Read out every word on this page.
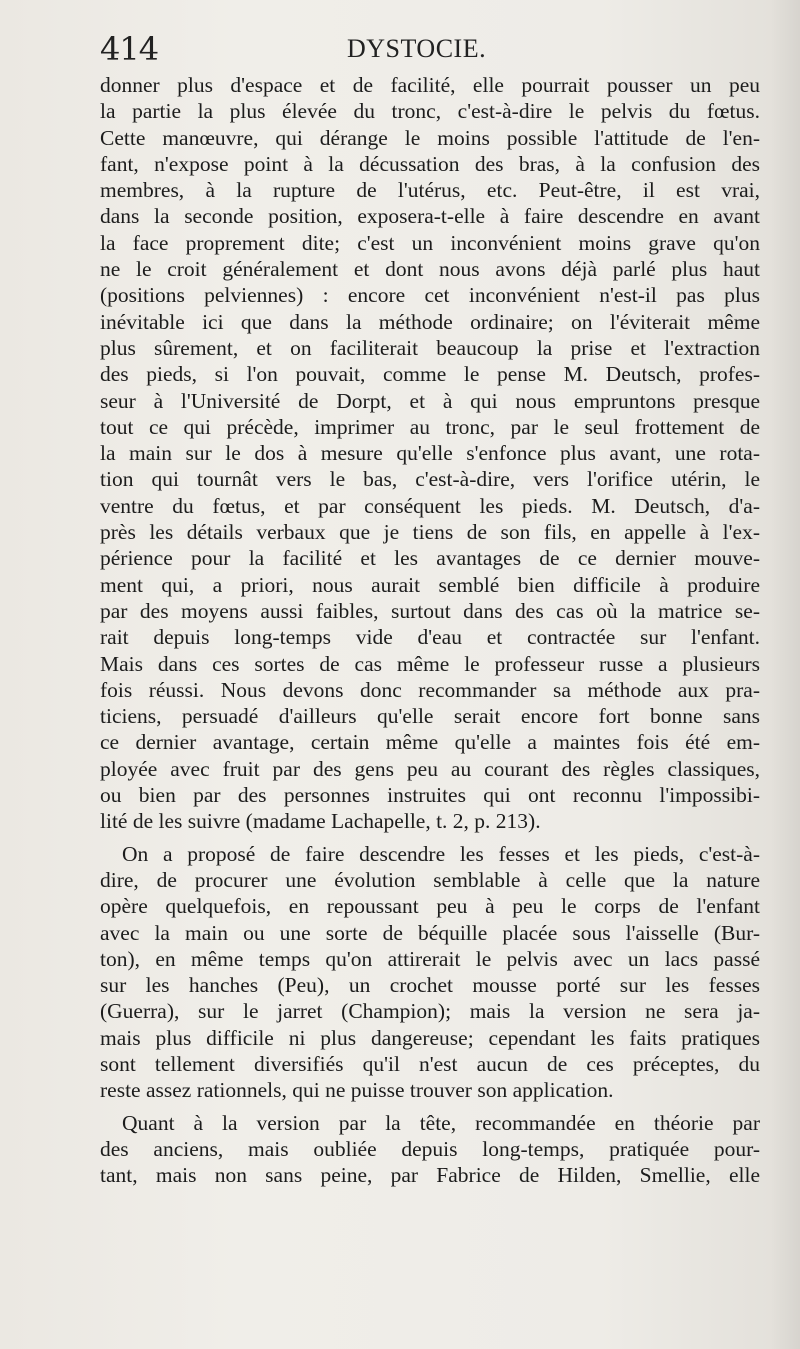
414	DYSTOCIE.
donner plus d'espace et de facilité, elle pourrait pousser un peu
la partie la plus élevée du tronc, c'est-à-dire le pelvis du fœtus.
Cette manœuvre, qui dérange le moins possible l'attitude de l'en-
fant, n'expose point à la décussation des bras, à la confusion des
membres, à la rupture de l'utérus, etc. Peut-être, il est vrai,
dans la seconde position, exposera-t-elle à faire descendre en avant
la face proprement dite; c'est un inconvénient moins grave qu'on
ne le croit généralement et dont nous avons déjà parlé plus haut
(positions pelviennes) : encore cet inconvénient n'est-il pas plus
inévitable ici que dans la méthode ordinaire; on l'éviterait même
plus sûrement, et on faciliterait beaucoup la prise et l'extraction
des pieds, si l'on pouvait, comme le pense M. Deutsch, profes-
seur à l'Université de Dorpt, et à qui nous empruntons presque
tout ce qui précède, imprimer au tronc, par le seul frottement de
la main sur le dos à mesure qu'elle s'enfonce plus avant, une rota-
tion qui tournât vers le bas, c'est-à-dire, vers l'orifice utérin, le
ventre du fœtus, et par conséquent les pieds. M. Deutsch, d'a-
près les détails verbaux que je tiens de son fils, en appelle à l'ex-
périence pour la facilité et les avantages de ce dernier mouve-
ment qui, a priori, nous aurait semblé bien difficile à produire
par des moyens aussi faibles, surtout dans des cas où la matrice se-
rait depuis long-temps vide d'eau et contractée sur l'enfant.
Mais dans ces sortes de cas même le professeur russe a plusieurs
fois réussi. Nous devons donc recommander sa méthode aux pra-
ticiens, persuadé d'ailleurs qu'elle serait encore fort bonne sans
ce dernier avantage, certain même qu'elle a maintes fois été em-
ployée avec fruit par des gens peu au courant des règles classiques,
ou bien par des personnes instruites qui ont reconnu l'impossibi-
lité de les suivre (madame Lachapelle, t. 2, p. 213).
On a proposé de faire descendre les fesses et les pieds, c'est-à-
dire, de procurer une évolution semblable à celle que la nature
opère quelquefois, en repoussant peu à peu le corps de l'enfant
avec la main ou une sorte de béquille placée sous l'aisselle (Bur-
ton), en même temps qu'on attirerait le pelvis avec un lacs passé
sur les hanches (Peu), un crochet mousse porté sur les fesses
(Guerra), sur le jarret (Champion); mais la version ne sera ja-
mais plus difficile ni plus dangereuse; cependant les faits pratiques
sont tellement diversifiés qu'il n'est aucun de ces préceptes, du
reste assez rationnels, qui ne puisse trouver son application.
Quant à la version par la tête, recommandée en théorie par
des anciens, mais oubliée depuis long-temps, pratiquée pour-
tant, mais non sans peine, par Fabrice de Hilden, Smellie, elle
